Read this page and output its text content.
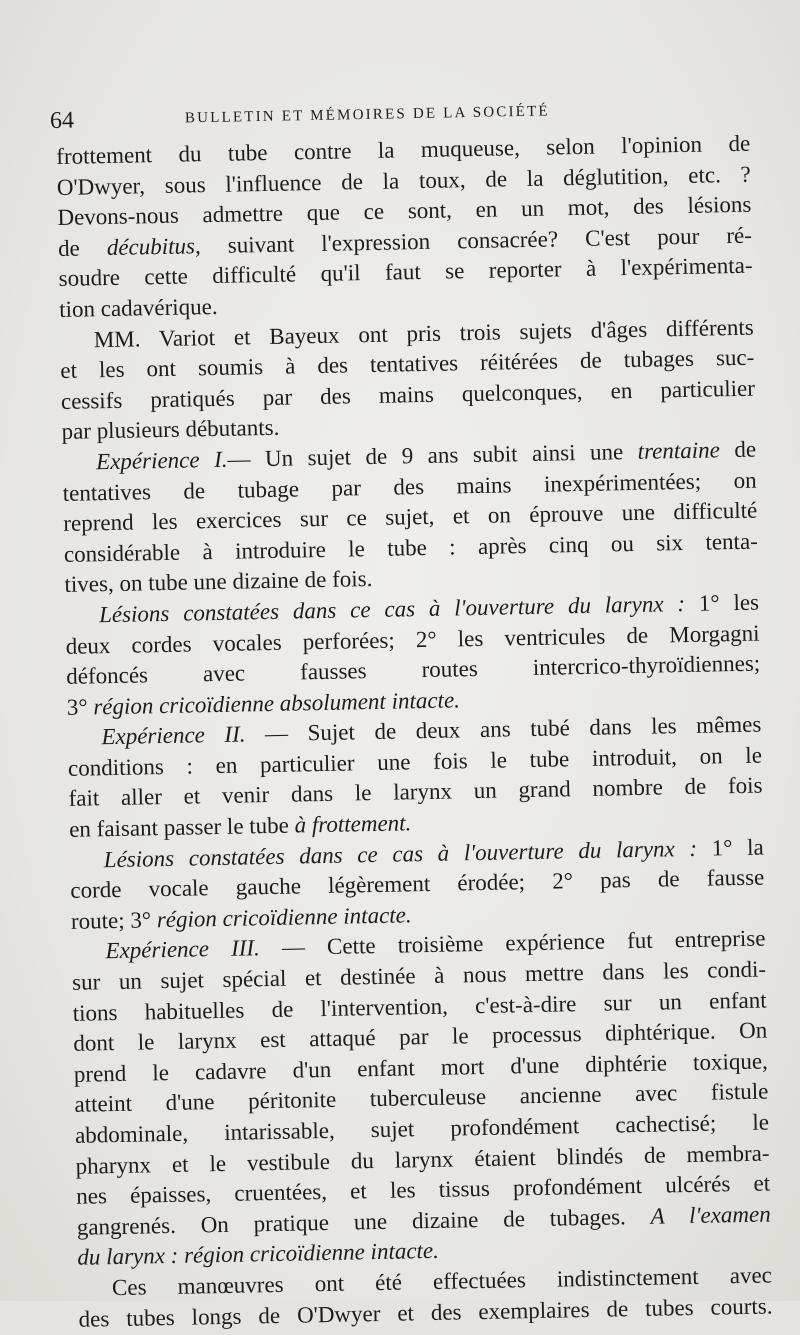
64	BULLETIN ET MÉMOIRES DE LA SOCIÉTÉ
frottement du tube contre la muqueuse, selon l'opinion de
O'Dwyer, sous l'influence de la toux, de la déglutition, etc. ?
Devons-nous admettre que ce sont, en un mot, des lésions
de décubitus, suivant l'expression consacrée? C'est pour ré-
soudre cette difficulté qu'il faut se reporter à l'expérimenta-
tion cadavérique.
MM. Variot et Bayeux ont pris trois sujets d'âges différents
et les ont soumis à des tentatives réitérées de tubages suc-
cessifs pratiqués par des mains quelconques, en particulier
par plusieurs débutants.
Expérience I.— Un sujet de 9 ans subit ainsi une trentaine de
tentatives de tubage par des mains inexpérimentées; on
reprend les exercices sur ce sujet, et on éprouve une difficulté
considérable à introduire le tube : après cinq ou six tenta-
tives, on tube une dizaine de fois.
Lésions constatées dans ce cas à l'ouverture du larynx : 1° les
deux cordes vocales perforées; 2° les ventricules de Morgagni
défoncés avec fausses routes intercrico-thyroïdiennes;
3° région cricoïdienne absolument intacte.
Expérience II. — Sujet de deux ans tubé dans les mêmes
conditions : en particulier une fois le tube introduit, on le
fait aller et venir dans le larynx un grand nombre de fois
en faisant passer le tube à frottement.
Lésions constatées dans ce cas à l'ouverture du larynx : 1° la
corde vocale gauche légèrement érodée; 2° pas de fausse
route; 3° région cricoïdienne intacte.
Expérience III. — Cette troisième expérience fut entreprise
sur un sujet spécial et destinée à nous mettre dans les condi-
tions habituelles de l'intervention, c'est-à-dire sur un enfant
dont le larynx est attaqué par le processus diphtérique. On
prend le cadavre d'un enfant mort d'une diphtérie toxique,
atteint d'une péritonite tuberculeuse ancienne avec fistule
abdominale, intarissable, sujet profondément cachectisé; le
pharynx et le vestibule du larynx étaient blindés de membra-
nes épaisses, cruentées, et les tissus profondément ulcérés et
gangrenés. On pratique une dizaine de tubages. A l'examen
du larynx : région cricoïdienne intacte.
Ces manœuvres ont été effectuées indistinctement avec
des tubes longs de O'Dwyer et des exemplaires de tubes courts.
